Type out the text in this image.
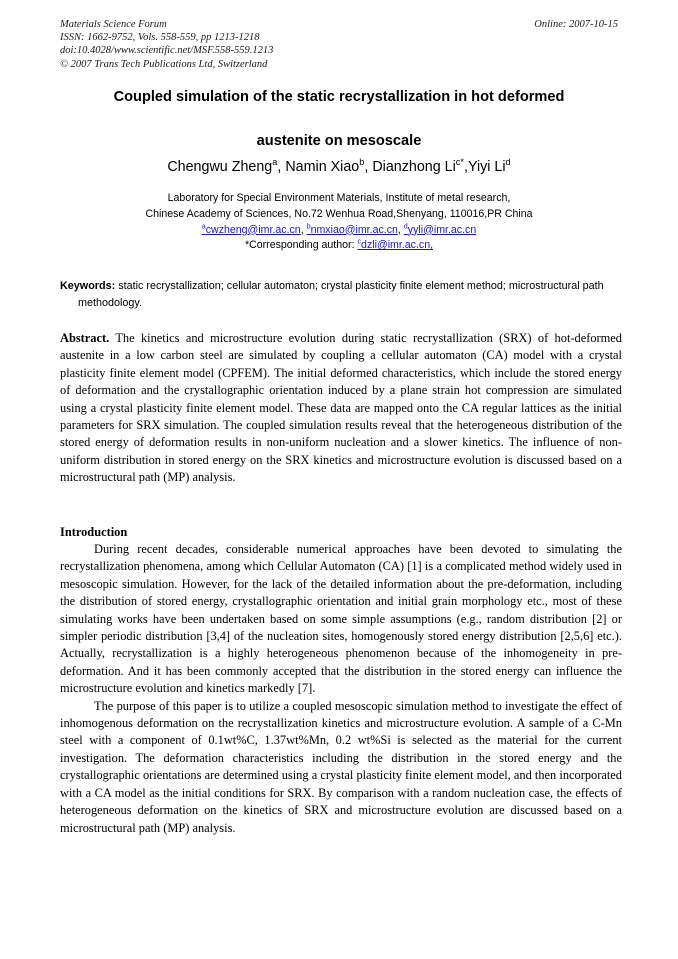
Materials Science Forum	Online: 2007-10-15
ISSN: 1662-9752, Vols. 558-559, pp 1213-1218
doi:10.4028/www.scientific.net/MSF.558-559.1213
© 2007 Trans Tech Publications Ltd, Switzerland
Coupled simulation of the static recrystallization in hot deformed
austenite on mesoscale
Chengwu Zheng$^a$, Namin Xiao$^b$, Dianzhong $Li^{c*},Yiyi$ Li$^d$
Laboratory for Special Environment Materials, Institute of metal research,
Chinese Academy of Sciences, No.72 Wenhua Road,Shenyang, 110016,PR China
$^a$cwzheng@imr.ac.cn, $^b$nmxiao@imr.ac.cn, $^d$yyli@imr.ac.cn
*Corresponding author: $^c$dzli@imr.ac.cn,
Keywords: static recrystallization; cellular automaton; crystal plasticity finite element method; microstructural path methodology.
Abstract. The kinetics and microstructure evolution during static recrystallization (SRX) of hot-deformed austenite in a low carbon steel are simulated by coupling a cellular automaton (CA) model with a crystal plasticity finite element model (CPFEM). The initial deformed characteristics, which include the stored energy of deformation and the crystallographic orientation induced by a plane strain hot compression are simulated using a crystal plasticity finite element model. These data are mapped onto the CA regular lattices as the initial parameters for SRX simulation. The coupled simulation results reveal that the heterogeneous distribution of the stored energy of deformation results in non-uniform nucleation and a slower kinetics. The influence of non-uniform distribution in stored energy on the SRX kinetics and microstructure evolution is discussed based on a microstructural path (MP) analysis.
Introduction

During recent decades, considerable numerical approaches have been devoted to simulating the recrystallization phenomena, among which Cellular Automaton (CA) [1] is a complicated method widely used in mesoscopic simulation. However, for the lack of the detailed information about the pre-deformation, including the distribution of stored energy, crystallographic orientation and initial grain morphology etc., most of these simulating works have been undertaken based on some simple assumptions (e.g., random distribution [2] or simpler periodic distribution [3,4] of the nucleation sites, homogenously stored energy distribution [2,5,6] etc.). Actually, recrystallization is a highly heterogeneous phenomenon because of the inhomogeneity in pre-deformation. And it has been commonly accepted that the distribution in the stored energy can influence the microstructure evolution and kinetics markedly [7].

The purpose of this paper is to utilize a coupled mesoscopic simulation method to investigate the effect of inhomogenous deformation on the recrystallization kinetics and microstructure evolution. A sample of a C-Mn steel with a component of 0.1wt%C, 1.37wt%Mn, 0.2 wt%Si is selected as the material for the current investigation. The deformation characteristics including the distribution in the stored energy and the crystallographic orientations are determined using a crystal plasticity finite element model, and then incorporated with a CA model as the initial conditions for SRX. By comparison with a random nucleation case, the effects of heterogeneous deformation on the kinetics of SRX and microstructure evolution are discussed based on a microstructural path (MP) analysis.
